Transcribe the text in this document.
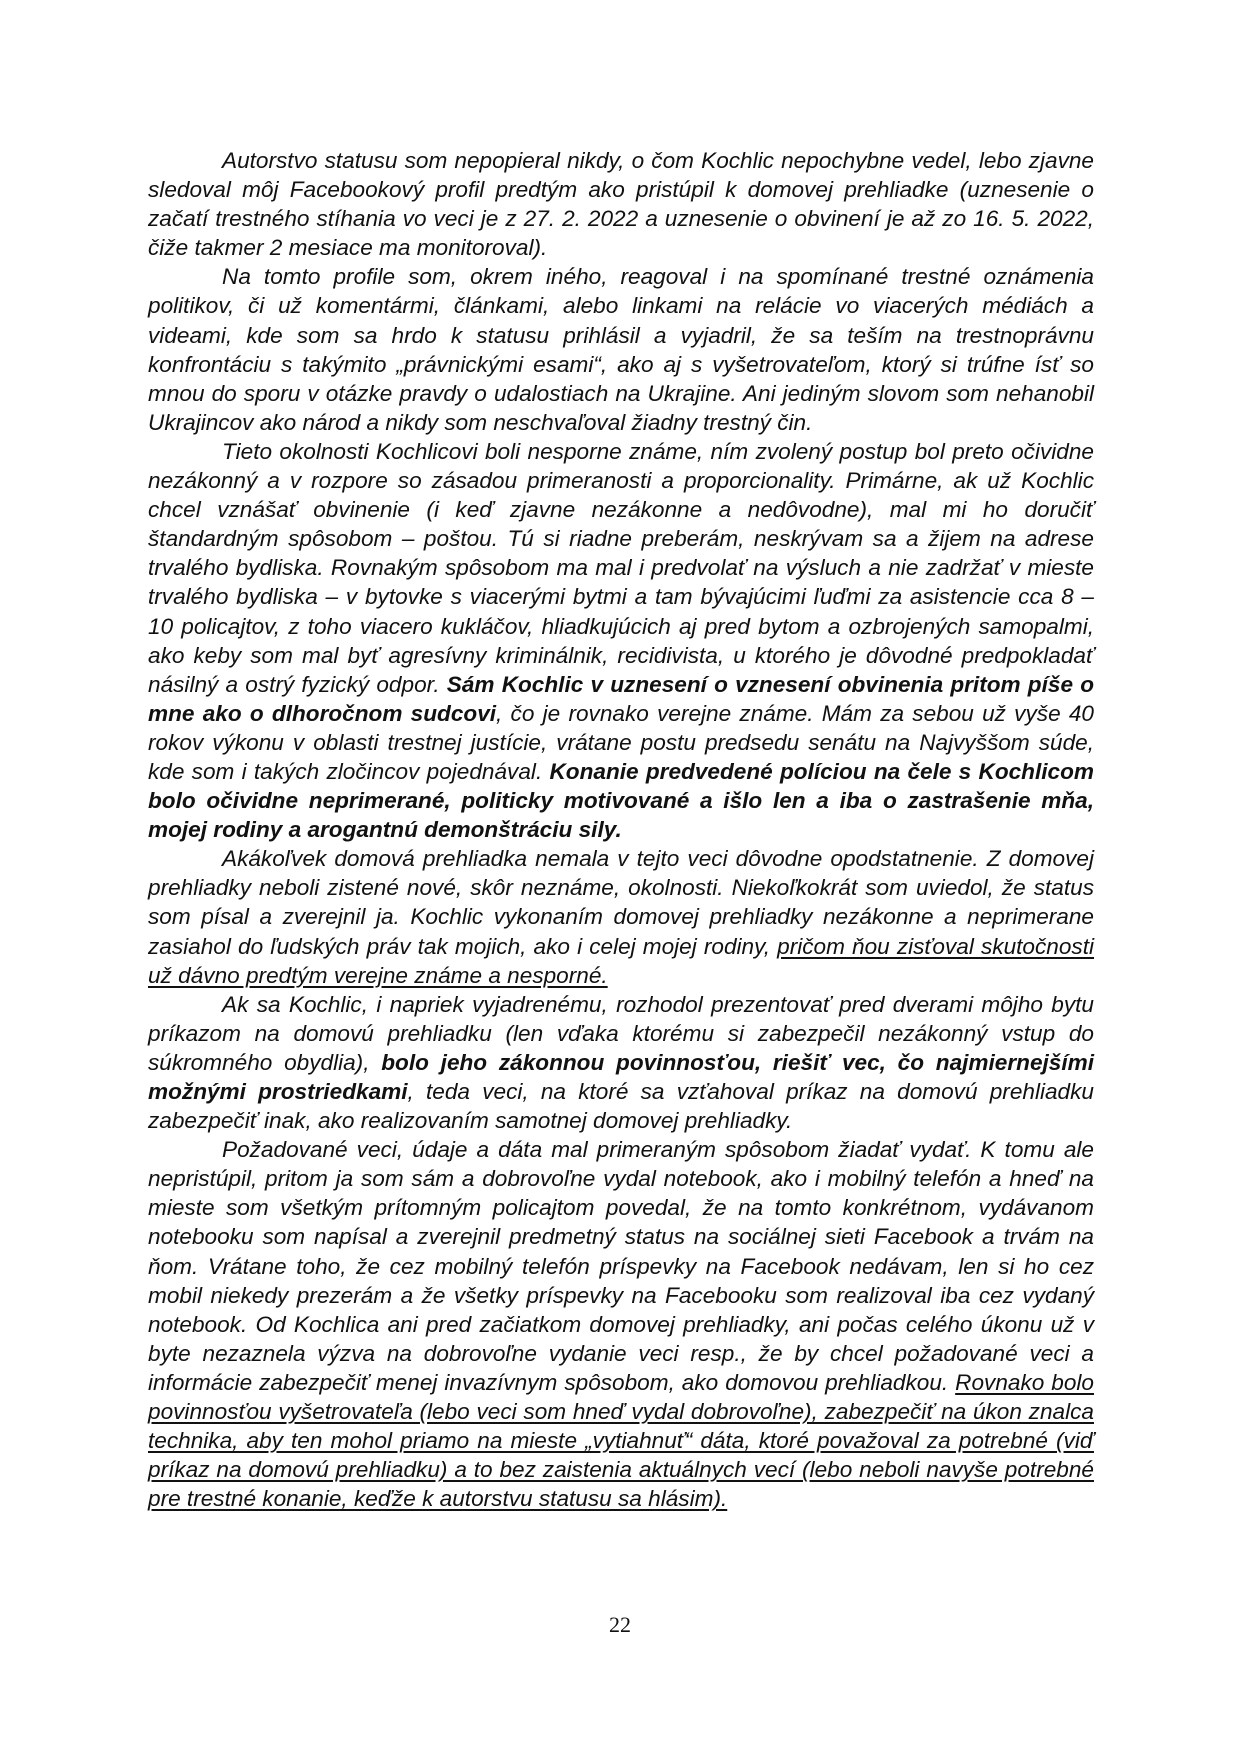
Autorstvo statusu som nepopieral nikdy, o čom Kochlic nepochybne vedel, lebo zjavne sledoval môj Facebookový profil predtým ako pristúpil k domovej prehliadke (uznesenie o začatí trestného stíhania vo veci je z 27. 2. 2022 a uznesenie o obvinení je až zo 16. 5. 2022, čiže takmer 2 mesiace ma monitoroval).

Na tomto profile som, okrem iného, reagoval i na spomínané trestné oznámenia politikov, či už komentármi, článkami, alebo linkami na relácie vo viacerých médiách a videami, kde som sa hrdo k statusu prihlásil a vyjadril, že sa teším na trestnoprávnu konfrontáciu s takýmito „právnickými esami“, ako aj s vyšetrovateľom, ktorý si trúfne ísť so mnou do sporu v otázke pravdy o udalostiach na Ukrajine. Ani jediným slovom som nehanobil Ukrajincov ako národ a nikdy som neschvaľoval žiadny trestný čin.

Tieto okolnosti Kochlicovi boli nesporne známe, ním zvolený postup bol preto očividne nezákonný a v rozpore so zásadou primeranosti a proporcionality. Primárne, ak už Kochlic chcel vznášať obvinenie (i keď zjavne nezákonne a nedôvodne), mal mi ho doručiť štandardným spôsobom – poštou. Tú si riadne preberám, neskrývam sa a žijem na adrese trvalého bydliska. Rovnakým spôsobom ma mal i predvolať na výsluch a nie zadržať v mieste trvalého bydliska – v bytovke s viacerými bytmi a tam bývajúcimi ľuďmi za asistencie cca 8 – 10 policajtov, z toho viacero kukláčov, hliadkujúcich aj pred bytom a ozbrojených samopalmi, ako keby som mal byť agresívny kriminálnik, recidivista, u ktorého je dôvodné predpokladať násilný a ostrý fyzický odpor. Sám Kochlic v uznesení o vznesení obvinenia pritom píše o mne ako o dlhoročnom sudcovi, čo je rovnako verejne známe. Mám za sebou už vyše 40 rokov výkonu v oblasti trestnej justície, vrátane postu predsedu senátu na Najvyššom súde, kde som i takých zločincov pojednával. Konanie predvedené políciou na čele s Kochlicom bolo očividne neprimerané, politicky motivované a išlo len a iba o zastrašenie mňa, mojej rodiny a arogantnú demonštráciu sily.

Akákoľvek domová prehliadka nemala v tejto veci dôvodne opodstatnenie. Z domovej prehliadky neboli zistené nové, skôr neznáme, okolnosti. Niekoľkokrát som uviedol, že status som písal a zverejnil ja. Kochlic vykonaním domovej prehliadky nezákonne a neprimerane zasiahol do ľudských práv tak mojich, ako i celej mojej rodiny, pričom ňou zisťoval skutočnosti už dávno predtým verejne známe a nesporné.

Ak sa Kochlic, i napriek vyjadrenému, rozhodol prezentovať pred dverami môjho bytu príkazom na domovú prehliadku (len vďaka ktorému si zabezpečil nezákonný vstup do súkromného obydlia), bolo jeho zákonnou povinnosťou, riešiť vec, čo najmiernejšími možnými prostriedkami, teda veci, na ktoré sa vzťahoval príkaz na domovú prehliadku zabezpečiť inak, ako realizovaním samotnej domovej prehliadky.

Požadované veci, údaje a dáta mal primeraným spôsobom žiadať vydať. K tomu ale nepristúpil, pritom ja som sám a dobrovoľne vydal notebook, ako i mobilný telefón a hneď na mieste som všetkým prítomným policajtom povedal, že na tomto konkrétnom, vydávanom notebooku som napísal a zverejnil predmetný status na sociálnej sieti Facebook a trvám na ňom. Vrátane toho, že cez mobilný telefón príspevky na Facebook nedávam, len si ho cez mobil niekedy prezerám a že všetky príspevky na Facebooku som realizoval iba cez vydaný notebook. Od Kochlica ani pred začiatkom domovej prehliadky, ani počas celého úkonu už v byte nezaznela výzva na dobrovoľne vydanie veci resp., že by chcel požadované veci a informácie zabezpečiť menej invazívnym spôsobom, ako domovou prehliadkou. Rovnako bolo povinnosťou vyšetrovateľa (lebo veci som hneď vydal dobrovoľne), zabezpečiť na úkon znalca technika, aby ten mohol priamo na mieste „vytiahnuť“ dáta, ktoré považoval za potrebné (viď príkaz na domovú prehliadku) a to bez zaistenia aktuálnych vecí (lebo neboli navyše potrebné pre trestné konanie, keďže k autorstvu statusu sa hlásim).

22
